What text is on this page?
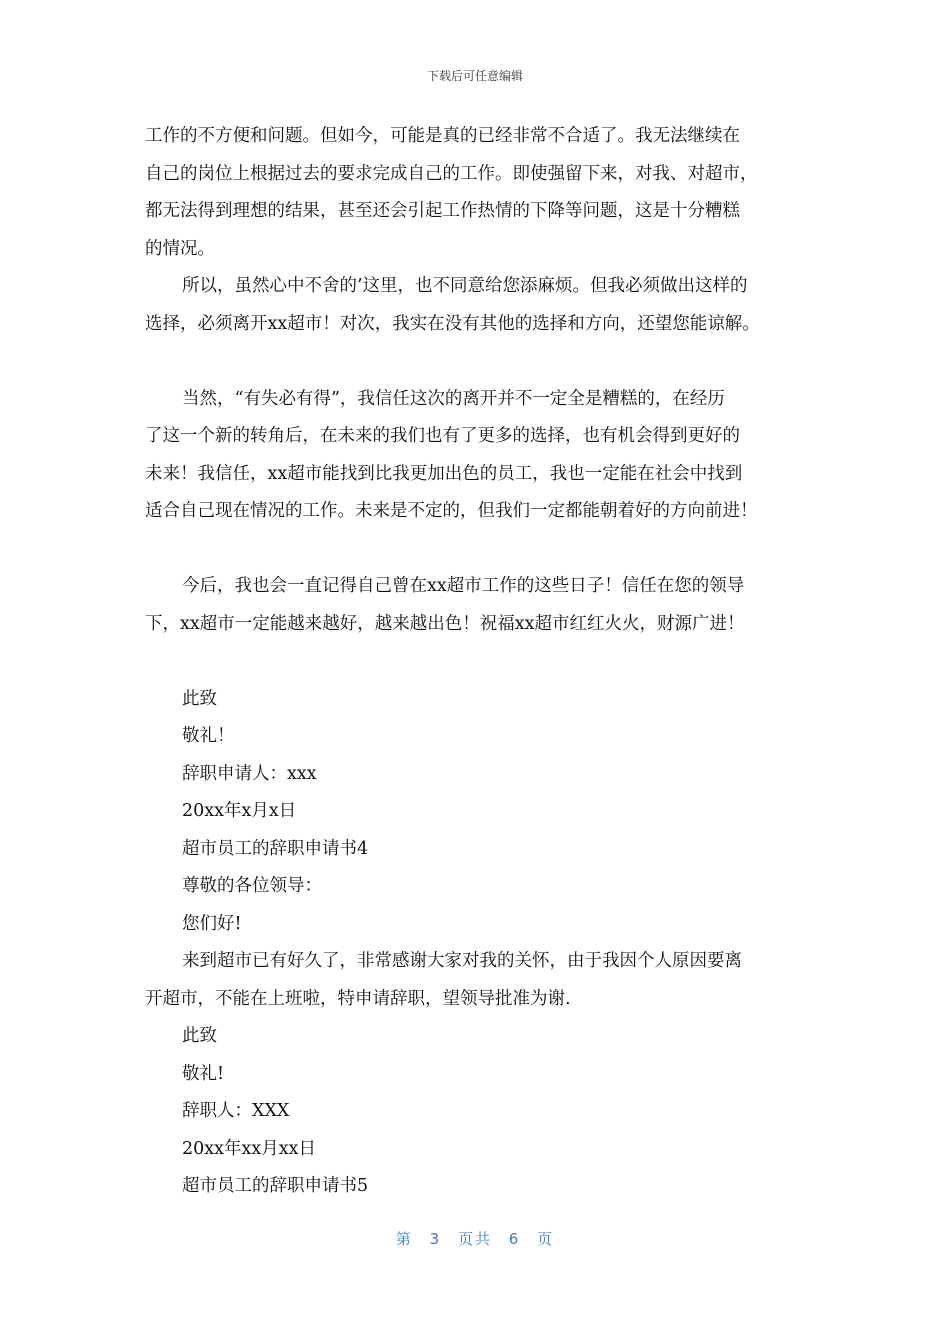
下载后可任意编辑
工作的不方便和问题。但如今，可能是真的已经非常不合适了。我无法继续在
自己的岗位上根据过去的要求完成自己的工作。即使强留下来，对我、对超市，
都无法得到理想的结果，甚至还会引起工作热情的下降等问题，这是十分糟糕
的情况。
所以，虽然心中不舍的’这里，也不同意给您添麻烦。但我必须做出这样的
选择，必须离开xx超市！对次，我实在没有其他的选择和方向，还望您能谅解。
当然，“有失必有得”，我信任这次的离开并不一定全是糟糕的，在经历
了这一个新的转角后，在未来的我们也有了更多的选择，也有机会得到更好的
未来！我信任，xx超市能找到比我更加出色的员工，我也一定能在社会中找到
适合自己现在情况的工作。未来是不定的，但我们一定都能朝着好的方向前进！
今后，我也会一直记得自己曾在xx超市工作的这些日子！信任在您的领导
下，xx超市一定能越来越好，越来越出色！祝福xx超市红红火火，财源广进！
此致
敬礼！
辞职申请人：xxx
20xx年x月x日
超市员工的辞职申请书4
尊敬的各位领导：
您们好!
来到超市已有好久了，非常感谢大家对我的关怀，由于我因个人原因要离
开超市，不能在上班啦，特申请辞职，望领导批准为谢.
此致
敬礼!
辞职人：XXX
20xx年xx月xx日
超市员工的辞职申请书5
第 3 页共 6 页
